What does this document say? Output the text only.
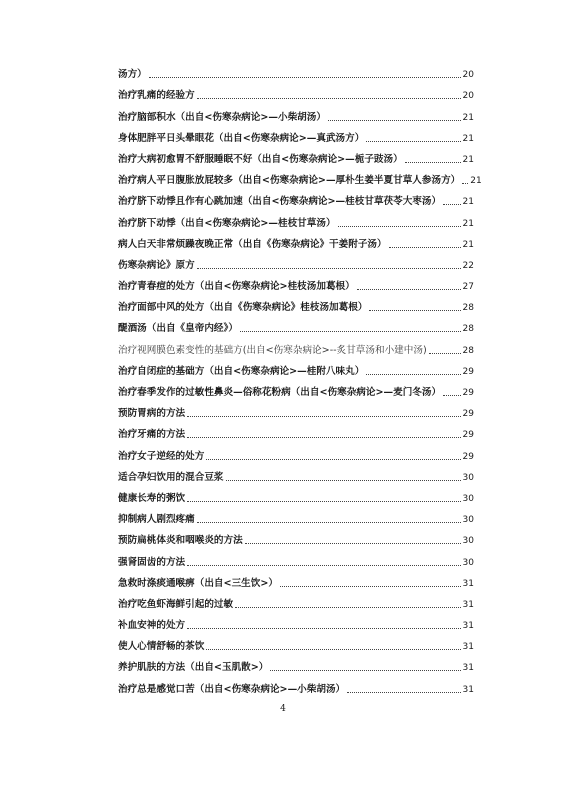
汤方）	20
治疗乳痛的经验方	20
治疗脑部积水（出自<伤寒杂病论>—小柴胡汤）	21
身体肥胖平日头晕眼花（出自<伤寒杂病论>—真武汤方）	21
治疗大病初愈胃不舒服睡眠不好（出自<伤寒杂病论>—栀子豉汤）	21
治疗病人平日腹胀放屁较多（出自<伤寒杂病论>—厚朴生姜半夏甘草人参汤方） 21
治疗脐下动悸且作有心跳加速（出自<伤寒杂病论>—桂枝甘草茯苓大枣汤） 21
治疗脐下动悸（出自<伤寒杂病论>—桂枝甘草汤）	21
病人白天非常烦躁夜晚正常（出自《伤寒杂病论》干姜附子汤）	21
伤寒杂病论》原方	22
治疗青春痘的处方（出自<伤寒杂病论>桂枝汤加葛根）	27
治疗面部中风的处方（出自《伤寒杂病论》桂枝汤加葛根）	28
醍酒汤（出自《皇帝内经》）	28
治疗视网膜色素变性的基础方(出自<伤寒杂病论>--炙甘草汤和小建中汤)	28
治疗自闭症的基础方（出自<伤寒杂病论>—桂附八味丸）	29
治疗春季发作的过敏性鼻炎—俗称花粉病（出自<伤寒杂病论>—麦门冬汤） 29
预防胃病的方法	29
治疗牙痛的方法	29
治疗女子逆经的处方	29
适合孕妇饮用的混合豆浆	30
健康长寿的粥饮	30
抑制病人剧烈疼痛	30
预防扁桃体炎和咽喉炎的方法	30
强肾固齿的方法	30
急救时涤痰通喉痹（出自<三生饮>）	31
治疗吃鱼虾海鲜引起的过敏	31
补血安神的处方	31
使人心情舒畅的茶饮	31
养护肌肤的方法（出自<玉肌散>）	31
治疗总是感觉口苦（出自<伤寒杂病论>—小柴胡汤）	31
4
